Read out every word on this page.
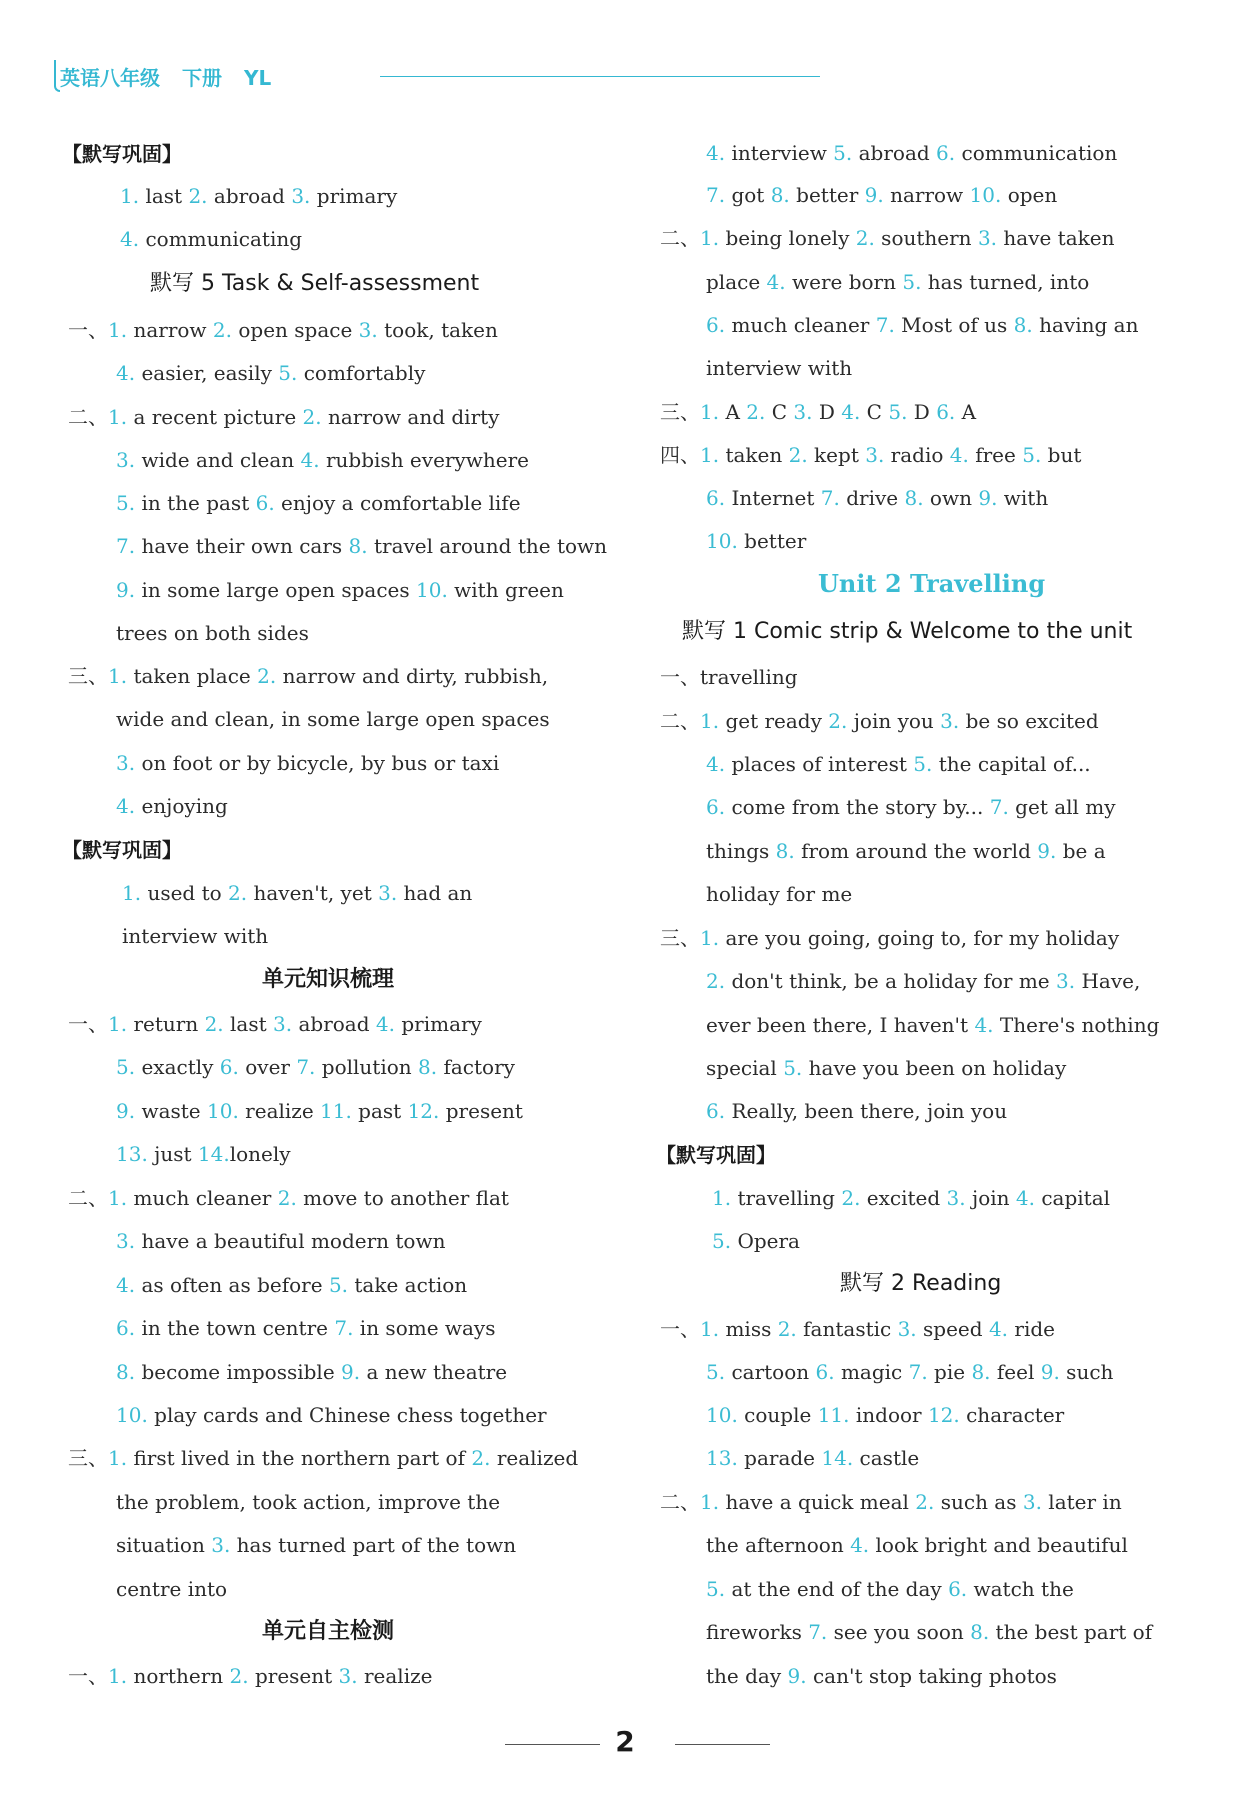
英语八年级 下册 YL
【默写巩固】
1. last 2. abroad 3. primary
4. communicating
默写 5 Task & Self-assessment
一、1. narrow 2. open space 3. took, taken
4. easier, easily 5. comfortably
二、1. a recent picture 2. narrow and dirty
3. wide and clean 4. rubbish everywhere
5. in the past 6. enjoy a comfortable life
7. have their own cars 8. travel around the town
9. in some large open spaces 10. with green
trees on both sides
三、1. taken place 2. narrow and dirty, rubbish,
wide and clean, in some large open spaces
3. on foot or by bicycle, by bus or taxi
4. enjoying
【默写巩固】
1. used to 2. haven't, yet 3. had an
interview with
单元知识梳理
一、1. return 2. last 3. abroad 4. primary
5. exactly 6. over 7. pollution 8. factory
9. waste 10. realize 11. past 12. present
13. just 14.lonely
二、1. much cleaner 2. move to another flat
3. have a beautiful modern town
4. as often as before 5. take action
6. in the town centre 7. in some ways
8. become impossible 9. a new theatre
10. play cards and Chinese chess together
三、1. first lived in the northern part of 2. realized
the problem, took action, improve the
situation 3. has turned part of the town
centre into
单元自主检测
一、1. northern 2. present 3. realize
4. interview 5. abroad 6. communication
7. got 8. better 9. narrow 10. open
二、1. being lonely 2. southern 3. have taken
place 4. were born 5. has turned, into
6. much cleaner 7. Most of us 8. having an
interview with
三、1. A 2. C 3. D 4. C 5. D 6. A
四、1. taken 2. kept 3. radio 4. free 5. but
6. Internet 7. drive 8. own 9. with
10. better
Unit 2 Travelling
默写 1 Comic strip & Welcome to the unit
一、travelling
二、1. get ready 2. join you 3. be so excited
4. places of interest 5. the capital of...
6. come from the story by... 7. get all my
things 8. from around the world 9. be a
holiday for me
三、1. are you going, going to, for my holiday
2. don't think, be a holiday for me 3. Have,
ever been there, I haven't 4. There's nothing
special 5. have you been on holiday
6. Really, been there, join you
【默写巩固】
1. travelling 2. excited 3. join 4. capital
5. Opera
默写 2 Reading
一、1. miss 2. fantastic 3. speed 4. ride
5. cartoon 6. magic 7. pie 8. feel 9. such
10. couple 11. indoor 12. character
13. parade 14. castle
二、1. have a quick meal 2. such as 3. later in
the afternoon 4. look bright and beautiful
5. at the end of the day 6. watch the
fireworks 7. see you soon 8. the best part of
the day 9. can't stop taking photos
2
